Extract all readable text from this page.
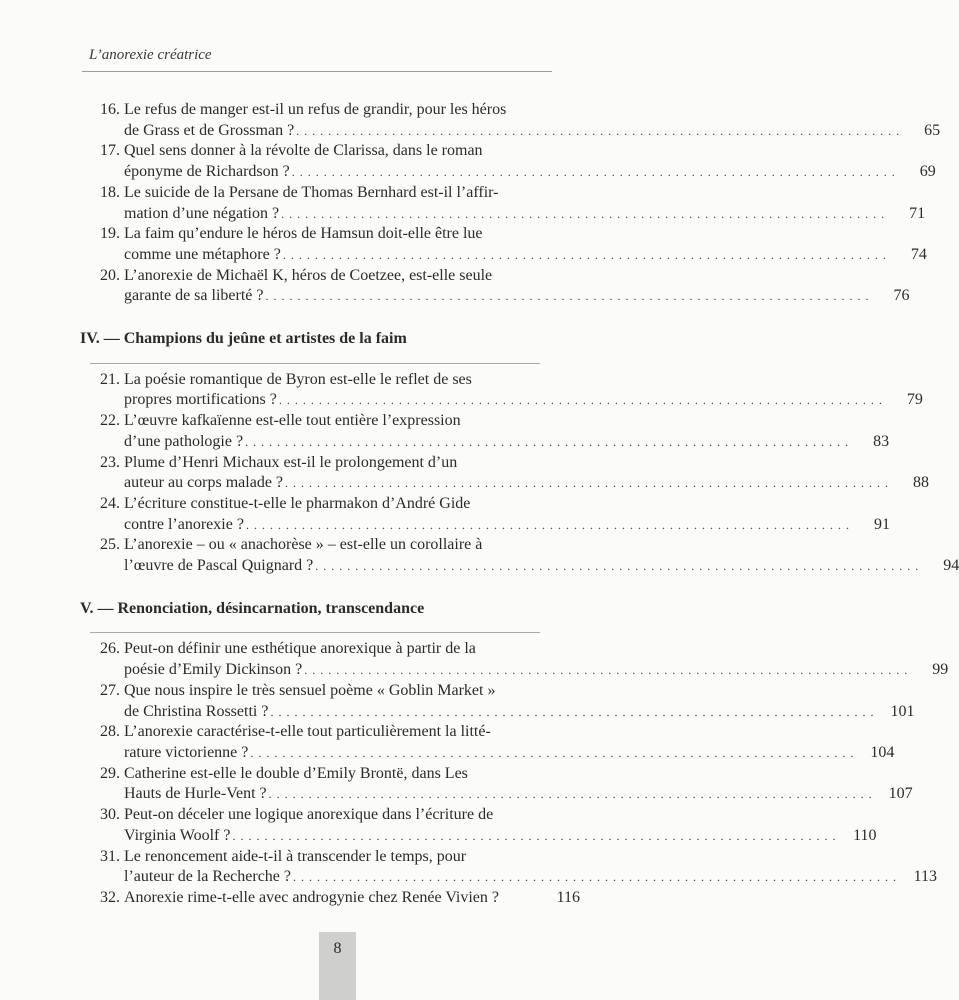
L’anorexie créatrice
16. Le refus de manger est-il un refus de grandir, pour les héros
de Grass et de Grossman ? . . .	65
17. Quel sens donner à la révolte de Clarissa, dans le roman
éponyme de Richardson ? . . .	69
18. Le suicide de la Persane de Thomas Bernhard est-il l’affir-
mation d’une négation ? . . .	71
19. La faim qu’endure le héros de Hamsun doit-elle être lue
comme une métaphore ? . . .	74
20. L’anorexie de Michaël K, héros de Coetzee, est-elle seule
garante de sa liberté ? . . .	76
IV. — Champions du jeûne et artistes de la faim
21. La poésie romantique de Byron est-elle le reflet de ses
propres mortifications ? . . .	79
22. L’œuvre kafkaïenne est-elle tout entière l’expression
d’une pathologie ? . . .	83
23. Plume d’Henri Michaux est-il le prolongement d’un
auteur au corps malade ? . . .	88
24. L’écriture constitue-t-elle le pharmakon d’André Gide
contre l’anorexie ? . . .	91
25. L’anorexie – ou « anachorèse » – est-elle un corollaire à
l’œuvre de Pascal Quignard ? . . .	94
V. — Renonciation, désincarnation, transcendance
26. Peut-on définir une esthétique anorexique à partir de la
poésie d’Emily Dickinson ? . . .	99
27. Que nous inspire le très sensuel poème « Goblin Market »
de Christina Rossetti ? . . .	101
28. L’anorexie caractérise-t-elle tout particulièrement la litté-
rature victorienne ? . . .	104
29. Catherine est-elle le double d’Emily Brontë, dans Les
Hauts de Hurle-Vent ? . . .	107
30. Peut-on déceler une logique anorexique dans l’écriture de
Virginia Woolf ? . . .	110
31. Le renoncement aide-t-il à transcender le temps, pour
l’auteur de la Recherche ? . . .	113
32. Anorexie rime-t-elle avec androgynie chez Renée Vivien ?	116
8
